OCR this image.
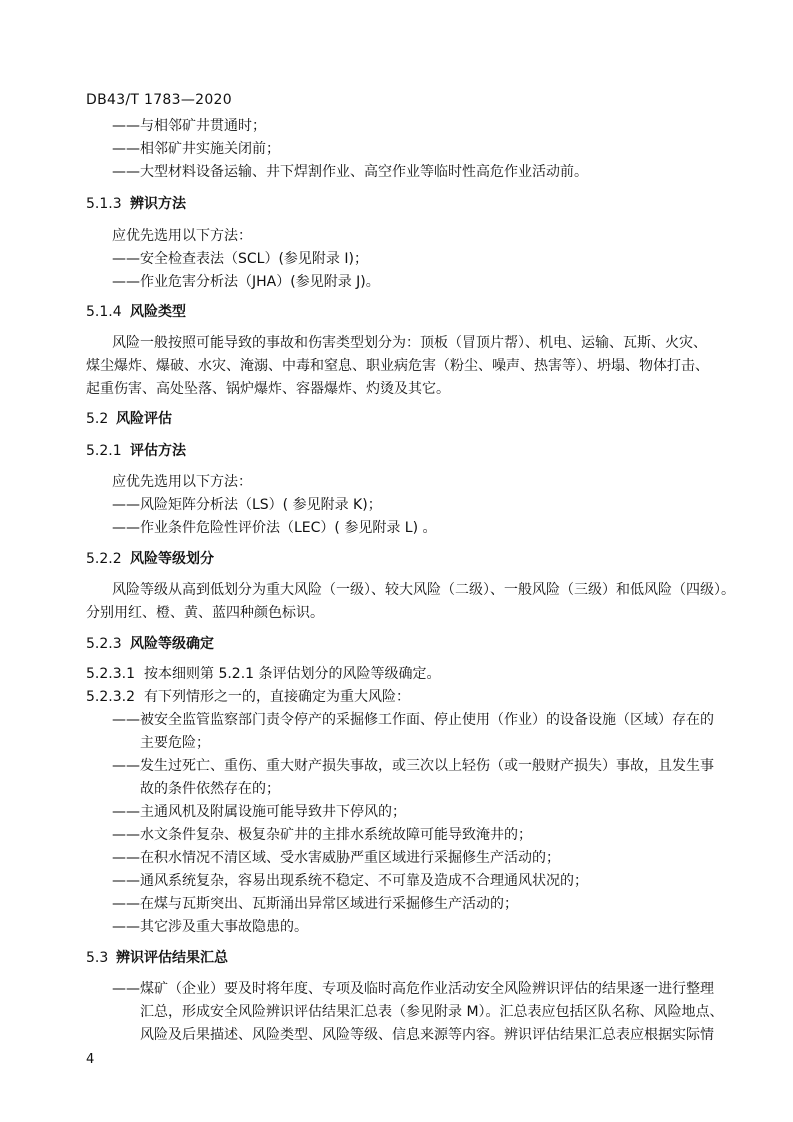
DB43/T 1783—2020
——与相邻矿井贯通时；
——相邻矿井实施关闭前；
——大型材料设备运输、井下焊割作业、高空作业等临时性高危作业活动前。
5.1.3 辨识方法
应优先选用以下方法：
——安全检查表法（SCL）(参见附录 I)；
——作业危害分析法（JHA）(参见附录 J)。
5.1.4 风险类型
风险一般按照可能导致的事故和伤害类型划分为：顶板（冒顶片帮）、机电、运输、瓦斯、火灾、
煤尘爆炸、爆破、水灾、淹溺、中毒和窒息、职业病危害（粉尘、噪声、热害等）、坍塌、物体打击、
起重伤害、高处坠落、锅炉爆炸、容器爆炸、灼烫及其它。
5.2 风险评估
5.2.1 评估方法
应优先选用以下方法：
——风险矩阵分析法（LS）( 参见附录 K)；
——作业条件危险性评价法（LEC）( 参见附录 L) 。
5.2.2 风险等级划分
风险等级从高到低划分为重大风险（一级）、较大风险（二级）、一般风险（三级）和低风险（四级）。
分别用红、橙、黄、蓝四种颜色标识。
5.2.3 风险等级确定
5.2.3.1 按本细则第 5.2.1 条评估划分的风险等级确定。
5.2.3.2 有下列情形之一的，直接确定为重大风险：
——被安全监管监察部门责令停产的采掘修工作面、停止使用（作业）的设备设施（区域）存在的
主要危险；
——发生过死亡、重伤、重大财产损失事故，或三次以上轻伤（或一般财产损失）事故，且发生事
故的条件依然存在的；
——主通风机及附属设施可能导致井下停风的；
——水文条件复杂、极复杂矿井的主排水系统故障可能导致淹井的；
——在积水情况不清区域、受水害威胁严重区域进行采掘修生产活动的；
——通风系统复杂，容易出现系统不稳定、不可靠及造成不合理通风状况的；
——在煤与瓦斯突出、瓦斯涌出异常区域进行采掘修生产活动的；
——其它涉及重大事故隐患的。
5.3 辨识评估结果汇总
——煤矿（企业）要及时将年度、专项及临时高危作业活动安全风险辨识评估的结果逐一进行整理
汇总，形成安全风险辨识评估结果汇总表（参见附录 M）。汇总表应包括区队名称、风险地点、
风险及后果描述、风险类型、风险等级、信息来源等内容。辨识评估结果汇总表应根据实际情
4
